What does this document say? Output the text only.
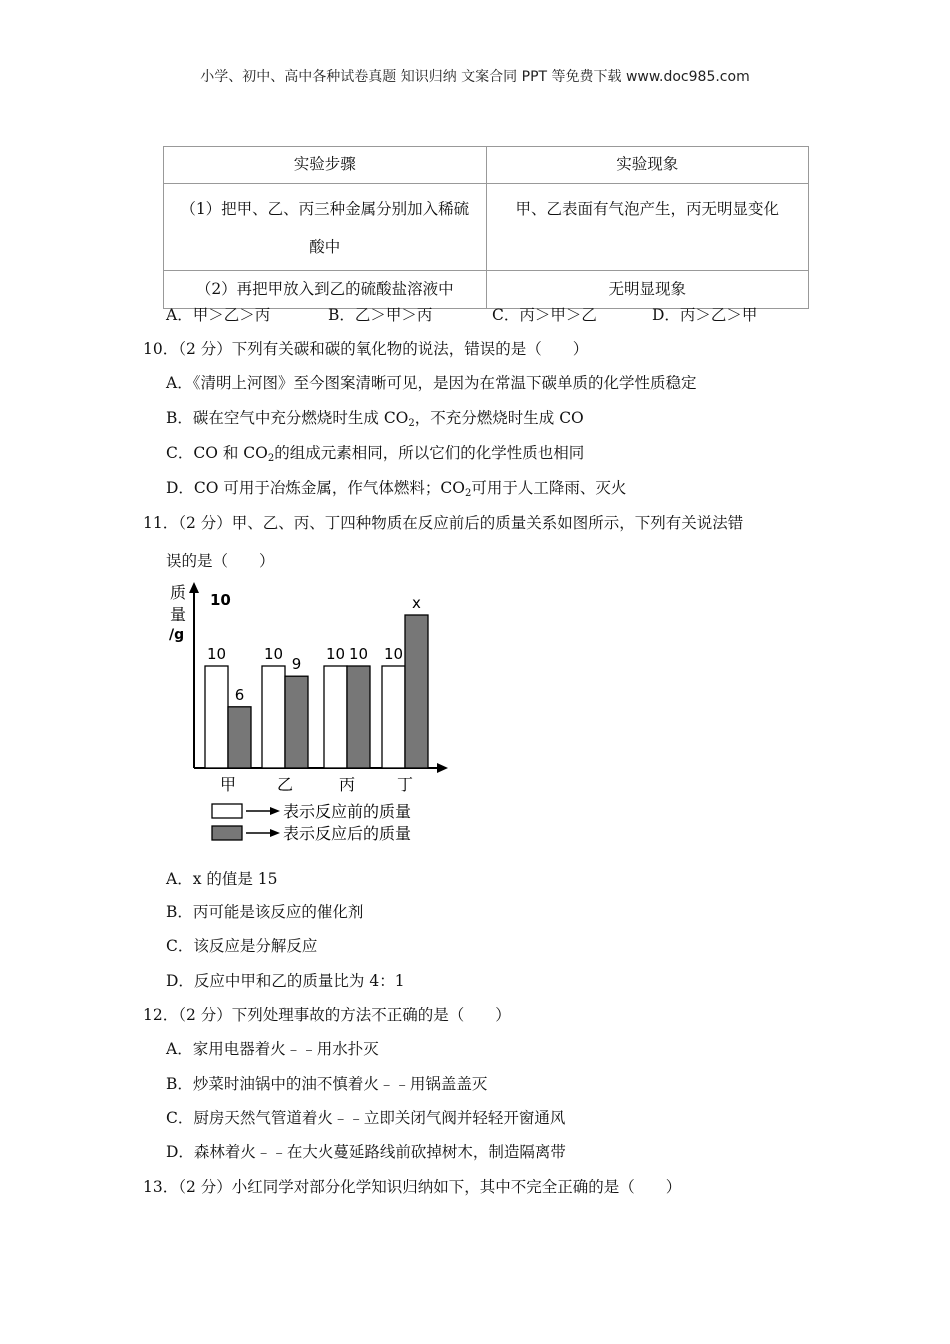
小学、初中、高中各种试卷真题 知识归纳 文案合同 PPT 等免费下载 www.doc985.com
实验步骤	实验现象
（1）把甲、乙、丙三种金属分别加入稀硫
酸中	甲、乙表面有气泡产生，丙无明显变化
（2）再把甲放入到乙的硫酸盐溶液中	无明显现象
A．甲＞乙＞丙	B．乙＞甲＞丙	C．丙＞甲＞乙	D．丙＞乙＞甲
10．（2 分）下列有关碳和碳的氧化物的说法，错误的是（　　）
A．《清明上河图》至今图案清晰可见，是因为在常温下碳单质的化学性质稳定
B．碳在空气中充分燃烧时生成 $CO_2$，不充分燃烧时生成 CO
C．CO 和 $CO_2$的组成元素相同，所以它们的化学性质也相同
D．CO 可用于冶炼金属，作气体燃料；$CO_2$可用于人工降雨、灭火
11．（2 分）甲、乙、丙、丁四种物质在反应前后的质量关系如图所示，下列有关说法错
误的是（　　）
质
量
/g
10
10
6
甲
10
9
乙
10 10
丙
10
x
丁
表示反应前的质量
表示反应后的质量
A．x 的值是 15
B．丙可能是该反应的催化剂
C．该反应是分解反应
D．反应中甲和乙的质量比为 4：1
12．（2 分）下列处理事故的方法不正确的是（　　）
A．家用电器着火﹣﹣用水扑灭
B．炒菜时油锅中的油不慎着火﹣﹣用锅盖盖灭
C．厨房天然气管道着火﹣﹣立即关闭气阀并轻轻开窗通风
D．森林着火﹣﹣在大火蔓延路线前砍掉树木，制造隔离带
13．（2 分）小红同学对部分化学知识归纳如下，其中不完全正确的是（　　）
